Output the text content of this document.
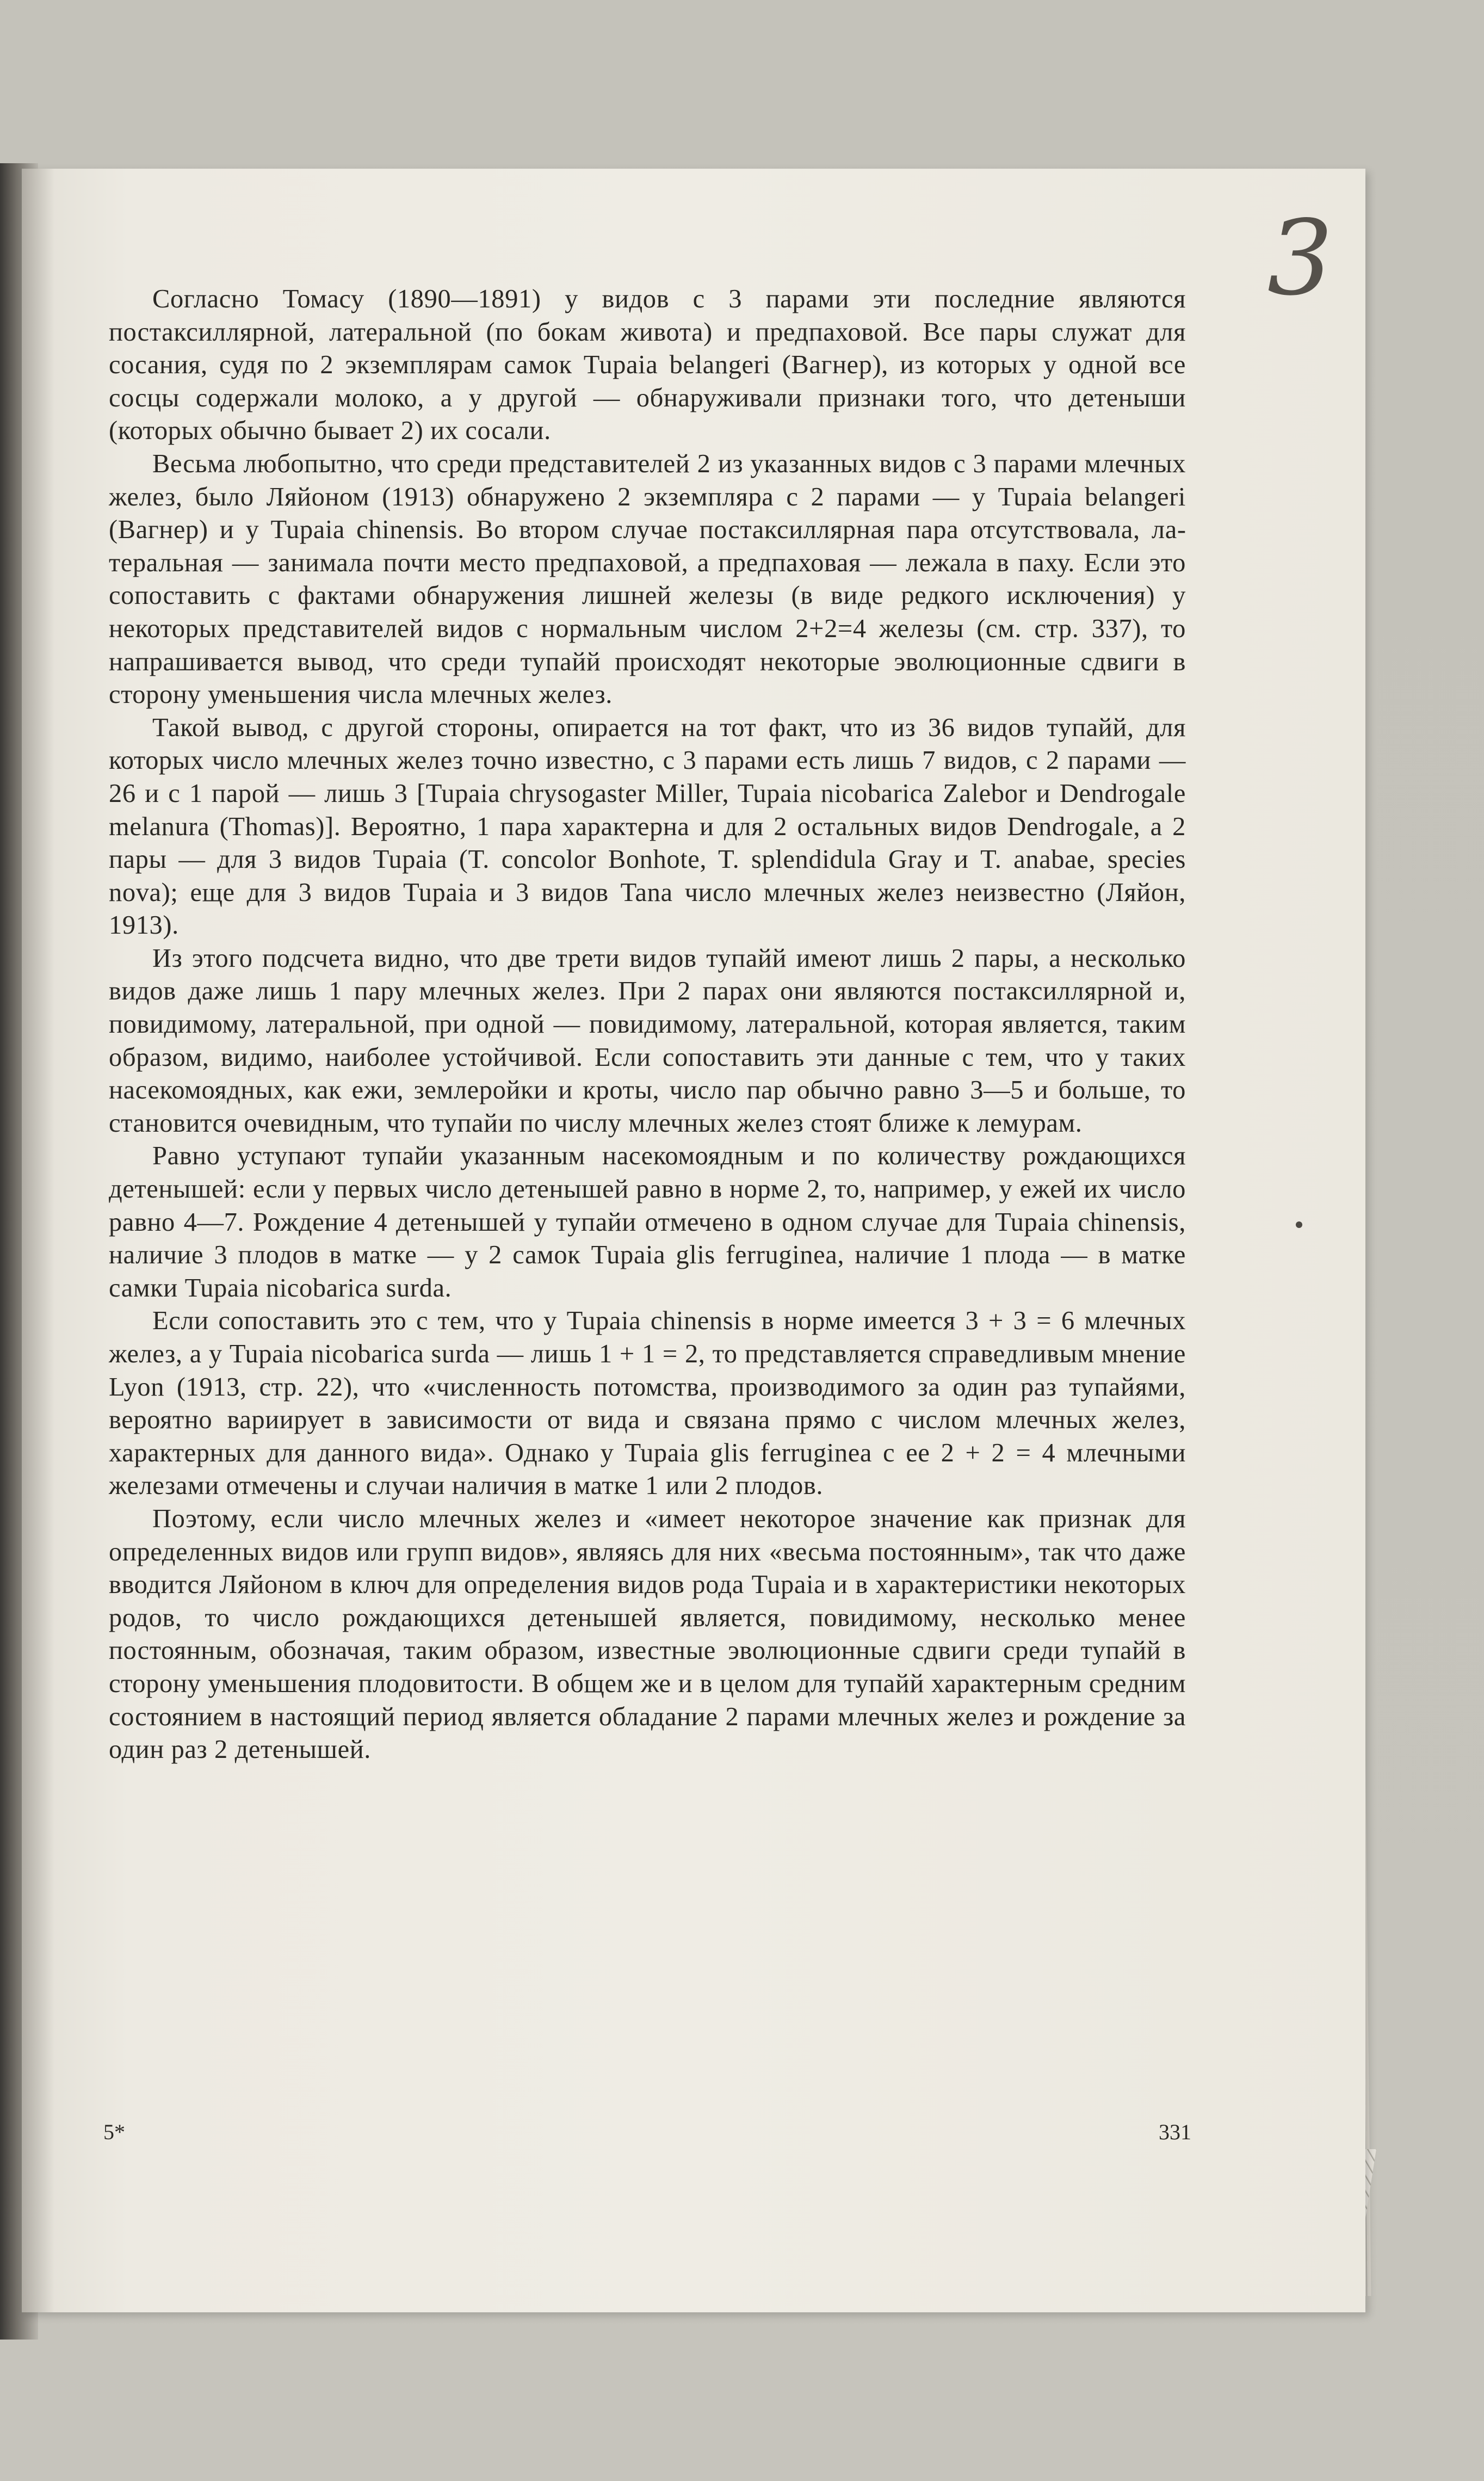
3

Согласно Томасу (1890—1891) у видов с 3 парами эти последние являются постаксиллярной, латеральной (по бокам живота) и предпаховой. Все пары служат для сосания, судя по 2 экземплярам самок Tupaia belangeri (Вагнер), из которых у одной все сосцы содержали молоко, а у другой — обнаруживали признаки того, что детеныши (которых обычно бывает 2) их сосали.

Весьма любопытно, что среди представителей 2 из указанных видов с 3 парами млечных желез, было Ляйоном (1913) обнаружено 2 экземпляра с 2 парами — у Tupaia belangeri (Вагнер) и у Tupaia chinensis. Во втором случае постаксиллярная пара отсутствовала, латеральная — занимала почти место предпаховой, а предпаховая — лежала в паху. Если это сопоставить с фактами обнаружения лишней железы (в виде редкого исключения) у некоторых представителей видов с нормальным числом 2+2=4 железы (см. стр. 337), то напрашивается вывод, что среди тупайй происходят некоторые эволюционные сдвиги в сторону уменьшения числа млечных желез.

Такой вывод, с другой стороны, опирается на тот факт, что из 36 видов тупайй, для которых число млечных желез точно известно, с 3 парами есть лишь 7 видов, с 2 парами — 26 и с 1 парой — лишь 3 [Tupaia chrysogaster Miller, Tupaia nicobarica Zalebor и Dendrogale melanura (Thomas)]. Вероятно, 1 пара характерна и для 2 остальных видов Dendrogale, а 2 пары — для 3 видов Tupaia (T. concolor Bonhote, T. splendidula Gray и T. anabae, species nova); еще для 3 видов Tupaia и 3 видов Tana число млечных желез неизвестно (Ляйон, 1913).

Из этого подсчета видно, что две трети видов тупайй имеют лишь 2 пары, а несколько видов даже лишь 1 пару млечных желез. При 2 парах они являются постаксиллярной и, повидимому, латеральной, при одной — повидимому, латеральной, которая является, таким образом, видимо, наиболее устойчивой. Если сопоставить эти данные с тем, что у таких насекомоядных, как ежи, землеройки и кроты, число пар обычно равно 3—5 и больше, то становится очевидным, что тупайи по числу млечных желез стоят ближе к лемурам.

Равно уступают тупайи указанным насекомоядным и по количеству рождающихся детенышей: если у первых число детенышей равно в норме 2, то, например, у ежей их число равно 4—7. Рождение 4 детенышей у тупайи отмечено в одном случае для Tupaia chinensis, наличие 3 плодов в матке — у 2 самок Tupaia glis ferruginea, наличие 1 плода — в матке самки Tupaia nicobarica surda.

Если сопоставить это с тем, что у Tupaia chinensis в норме имеется 3 + 3 = 6 млечных желез, а у Tupaia nicobarica surda — лишь 1 + 1 = 2, то представляется справедливым мнение Lyon (1913, стр. 22), что «численность потомства, производимого за один раз тупайями, вероятно вариирует в зависимости от вида и связана прямо с числом млечных желез, характерных для данного вида». Однако у Tupaia glis ferruginea с ее 2 + 2 = 4 млечными железами отмечены и случаи наличия в матке 1 или 2 плодов.

Поэтому, если число млечных желез и «имеет некоторое значение как признак для определенных видов или групп видов», являясь для них «весьма постоянным», так что даже вводится Ляйоном в ключ для определения видов рода Tupaia и в характеристики некоторых родов, то число рождающихся детенышей является, повидимому, несколько менее постоянным, обозначая, таким образом, известные эволюционные сдвиги среди тупайй в сторону уменьшения плодовитости. В общем же и в целом для тупайй характерным средним состоянием в настоящий период является обладание 2 парами млечных желез и рождение за один раз 2 детенышей.

5*	331
